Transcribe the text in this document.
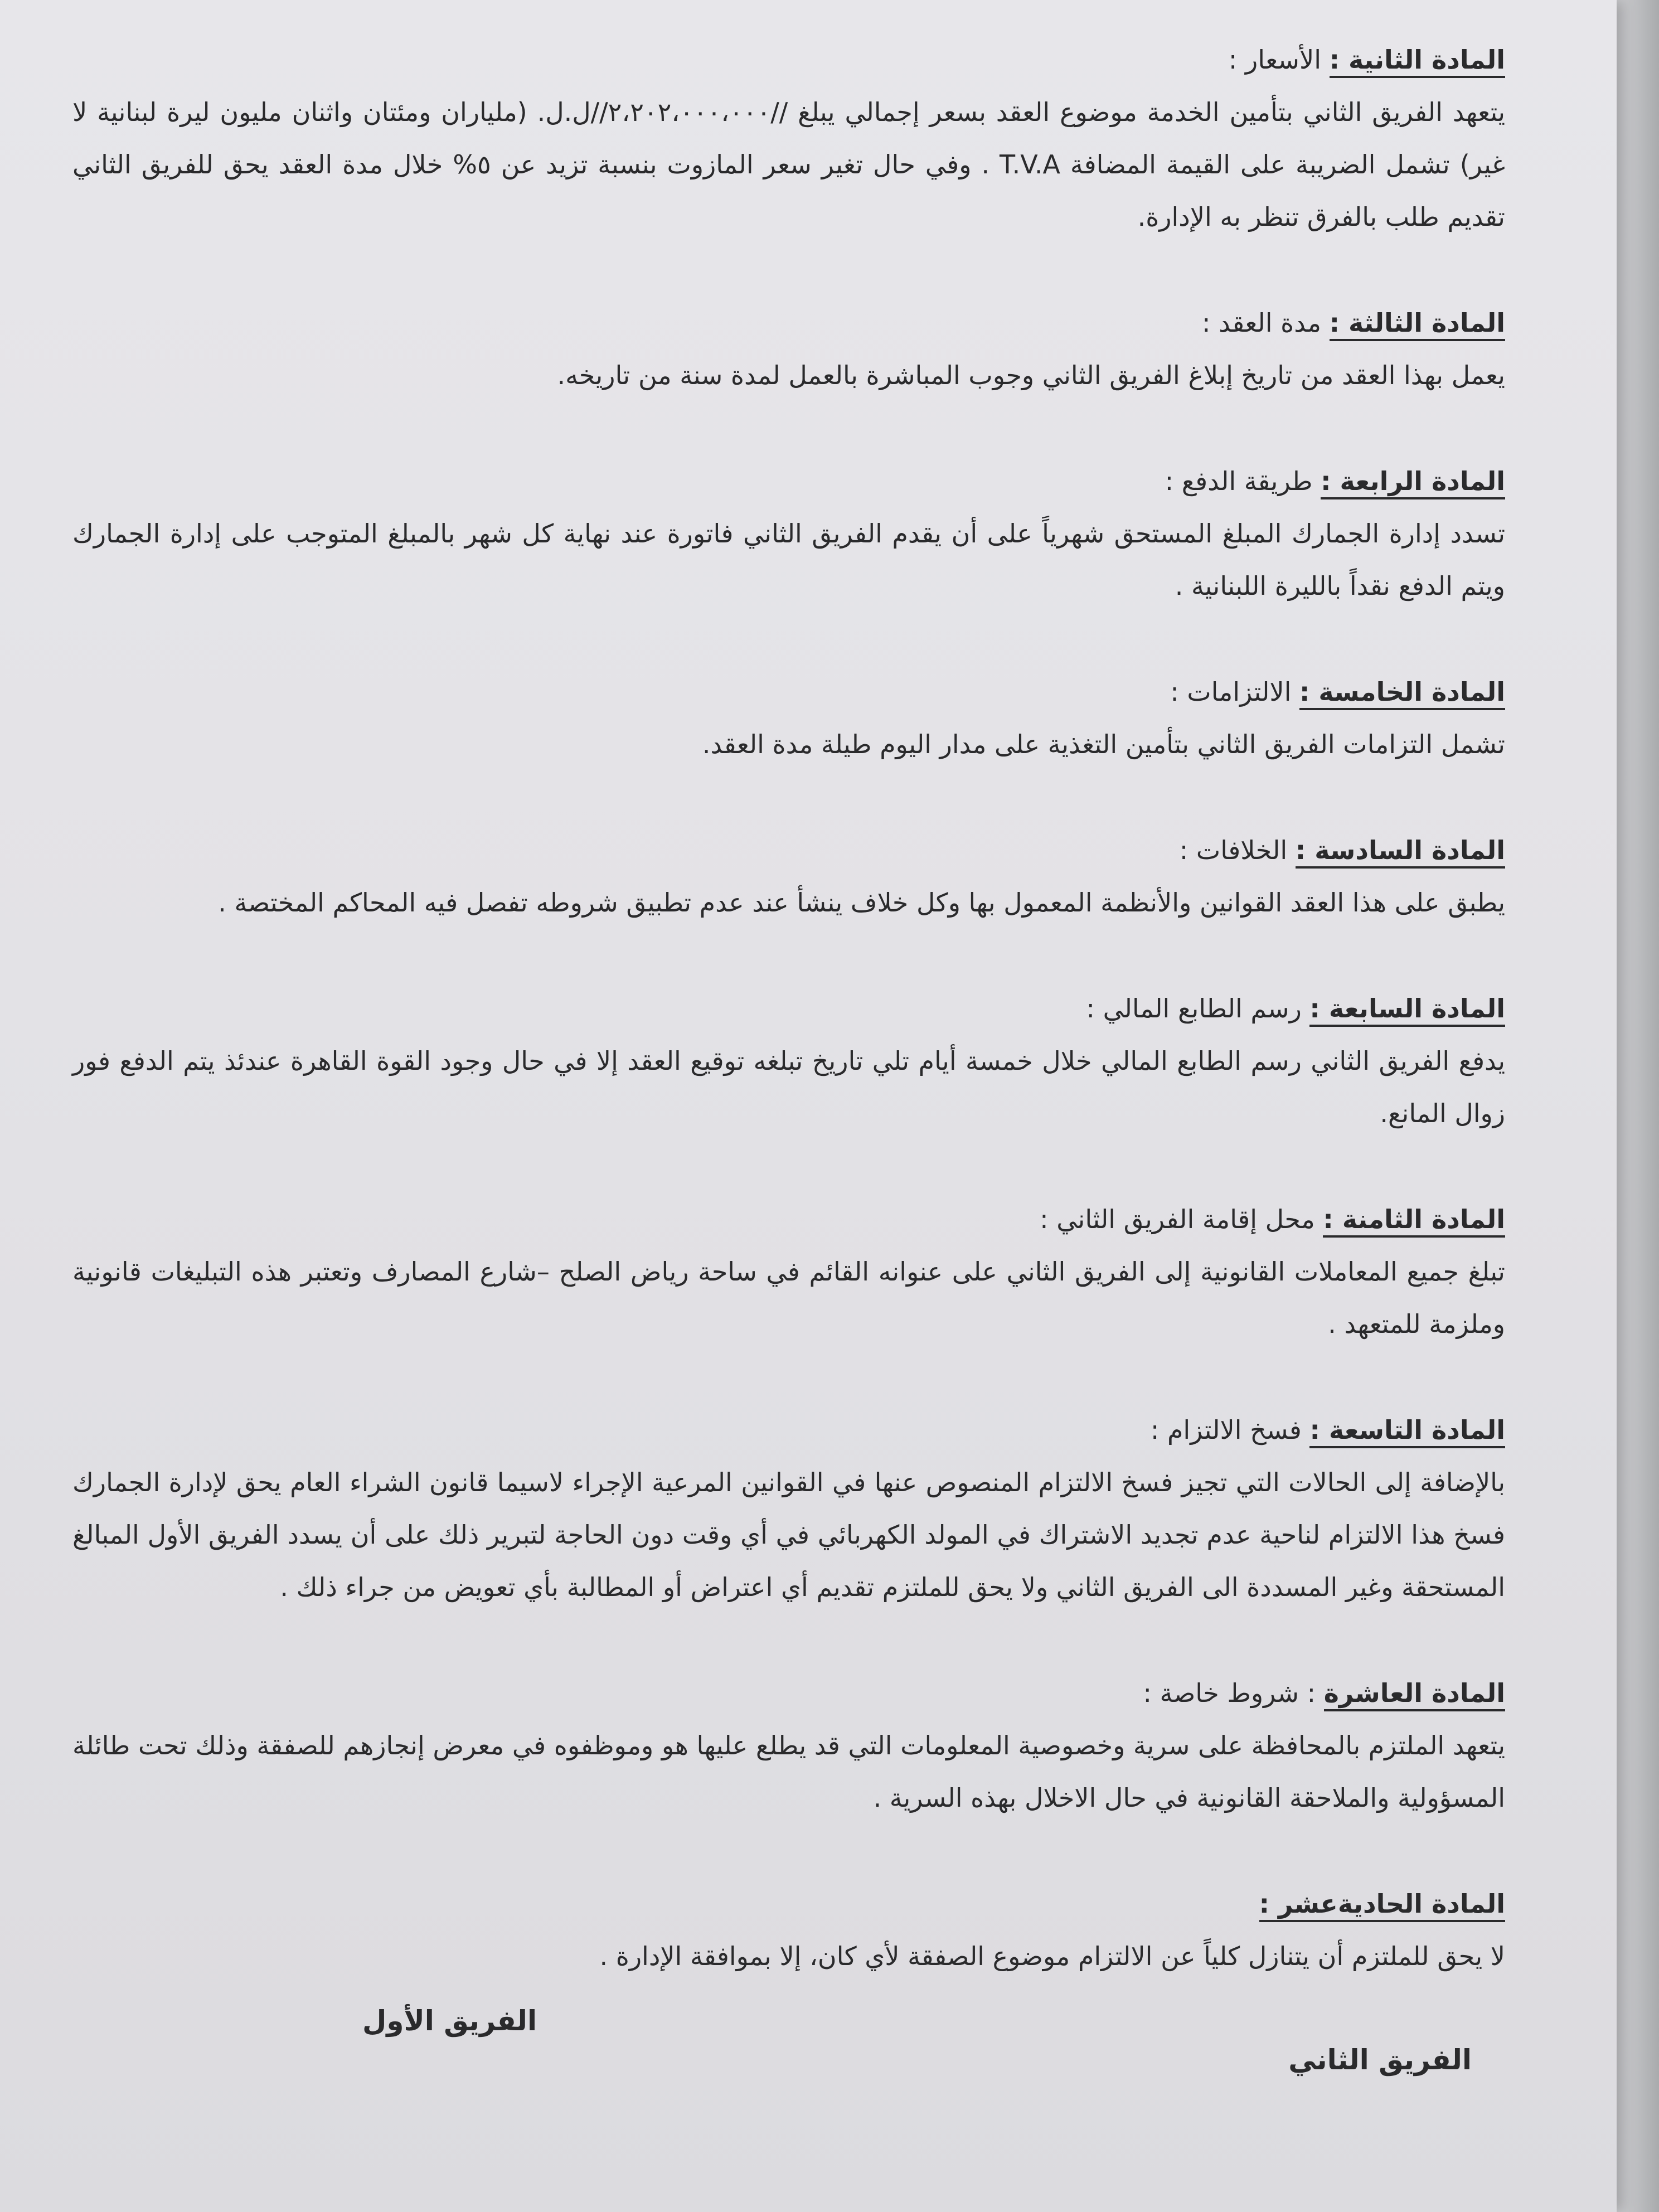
المادة الثانية : الأسعار :

يتعهد الفريق الثاني بتأمين الخدمة موضوع العقد بسعر إجمالي يبلغ //٢،٢٠٢،٠٠٠،٠٠٠//ل.ل. (ملياران ومئتان واثنان مليون ليرة لبنانية لا غير) تشمل الضريبة على القيمة المضافة T.V.A . وفي حال تغير سعر المازوت بنسبة تزيد عن ٥% خلال مدة العقد يحق للفريق الثاني تقديم طلب بالفرق تنظر به الإدارة.

المادة الثالثة : مدة العقد :

يعمل بهذا العقد من تاريخ إبلاغ الفريق الثاني وجوب المباشرة بالعمل لمدة سنة من تاريخه.

المادة الرابعة : طريقة الدفع :

تسدد إدارة الجمارك المبلغ المستحق شهرياً على أن يقدم الفريق الثاني فاتورة عند نهاية كل شهر بالمبلغ المتوجب على إدارة الجمارك ويتم الدفع نقداً بالليرة اللبنانية .

المادة الخامسة : الالتزامات :

تشمل التزامات الفريق الثاني بتأمين التغذية على مدار اليوم طيلة مدة العقد.

المادة السادسة : الخلافات :

يطبق على هذا العقد القوانين والأنظمة المعمول بها وكل خلاف ينشأ عند عدم تطبيق شروطه تفصل فيه المحاكم المختصة .

المادة السابعة : رسم الطابع المالي :

يدفع الفريق الثاني رسم الطابع المالي خلال خمسة أيام تلي تاريخ تبلغه توقيع العقد إلا في حال وجود القوة القاهرة عندئذ يتم الدفع فور زوال المانع.

المادة الثامنة : محل إقامة الفريق الثاني :

تبلغ جميع المعاملات القانونية إلى الفريق الثاني على عنوانه القائم في ساحة رياض الصلح –شارع المصارف وتعتبر هذه التبليغات قانونية وملزمة للمتعهد .

المادة التاسعة : فسخ الالتزام :

بالإضافة إلى الحالات التي تجيز فسخ الالتزام المنصوص عنها في القوانين المرعية الإجراء لاسيما قانون الشراء العام يحق لإدارة الجمارك فسخ هذا الالتزام لناحية عدم تجديد الاشتراك في المولد الكهربائي في أي وقت دون الحاجة لتبرير ذلك على أن يسدد الفريق الأول المبالغ المستحقة وغير المسددة الى الفريق الثاني ولا يحق للملتزم تقديم أي اعتراض أو المطالبة بأي تعويض من جراء ذلك .

المادة العاشرة : شروط خاصة :

يتعهد الملتزم بالمحافظة على سرية وخصوصية المعلومات التي قد يطلع عليها هو وموظفوه في معرض إنجازهم للصفقة وذلك تحت طائلة المسؤولية والملاحقة القانونية في حال الاخلال بهذه السرية .

المادة الحاديةعشر :

لا يحق للملتزم أن يتنازل كلياً عن الالتزام موضوع الصفقة لأي كان، إلا بموافقة الإدارة .

الفريق الأول
الفريق الثاني
